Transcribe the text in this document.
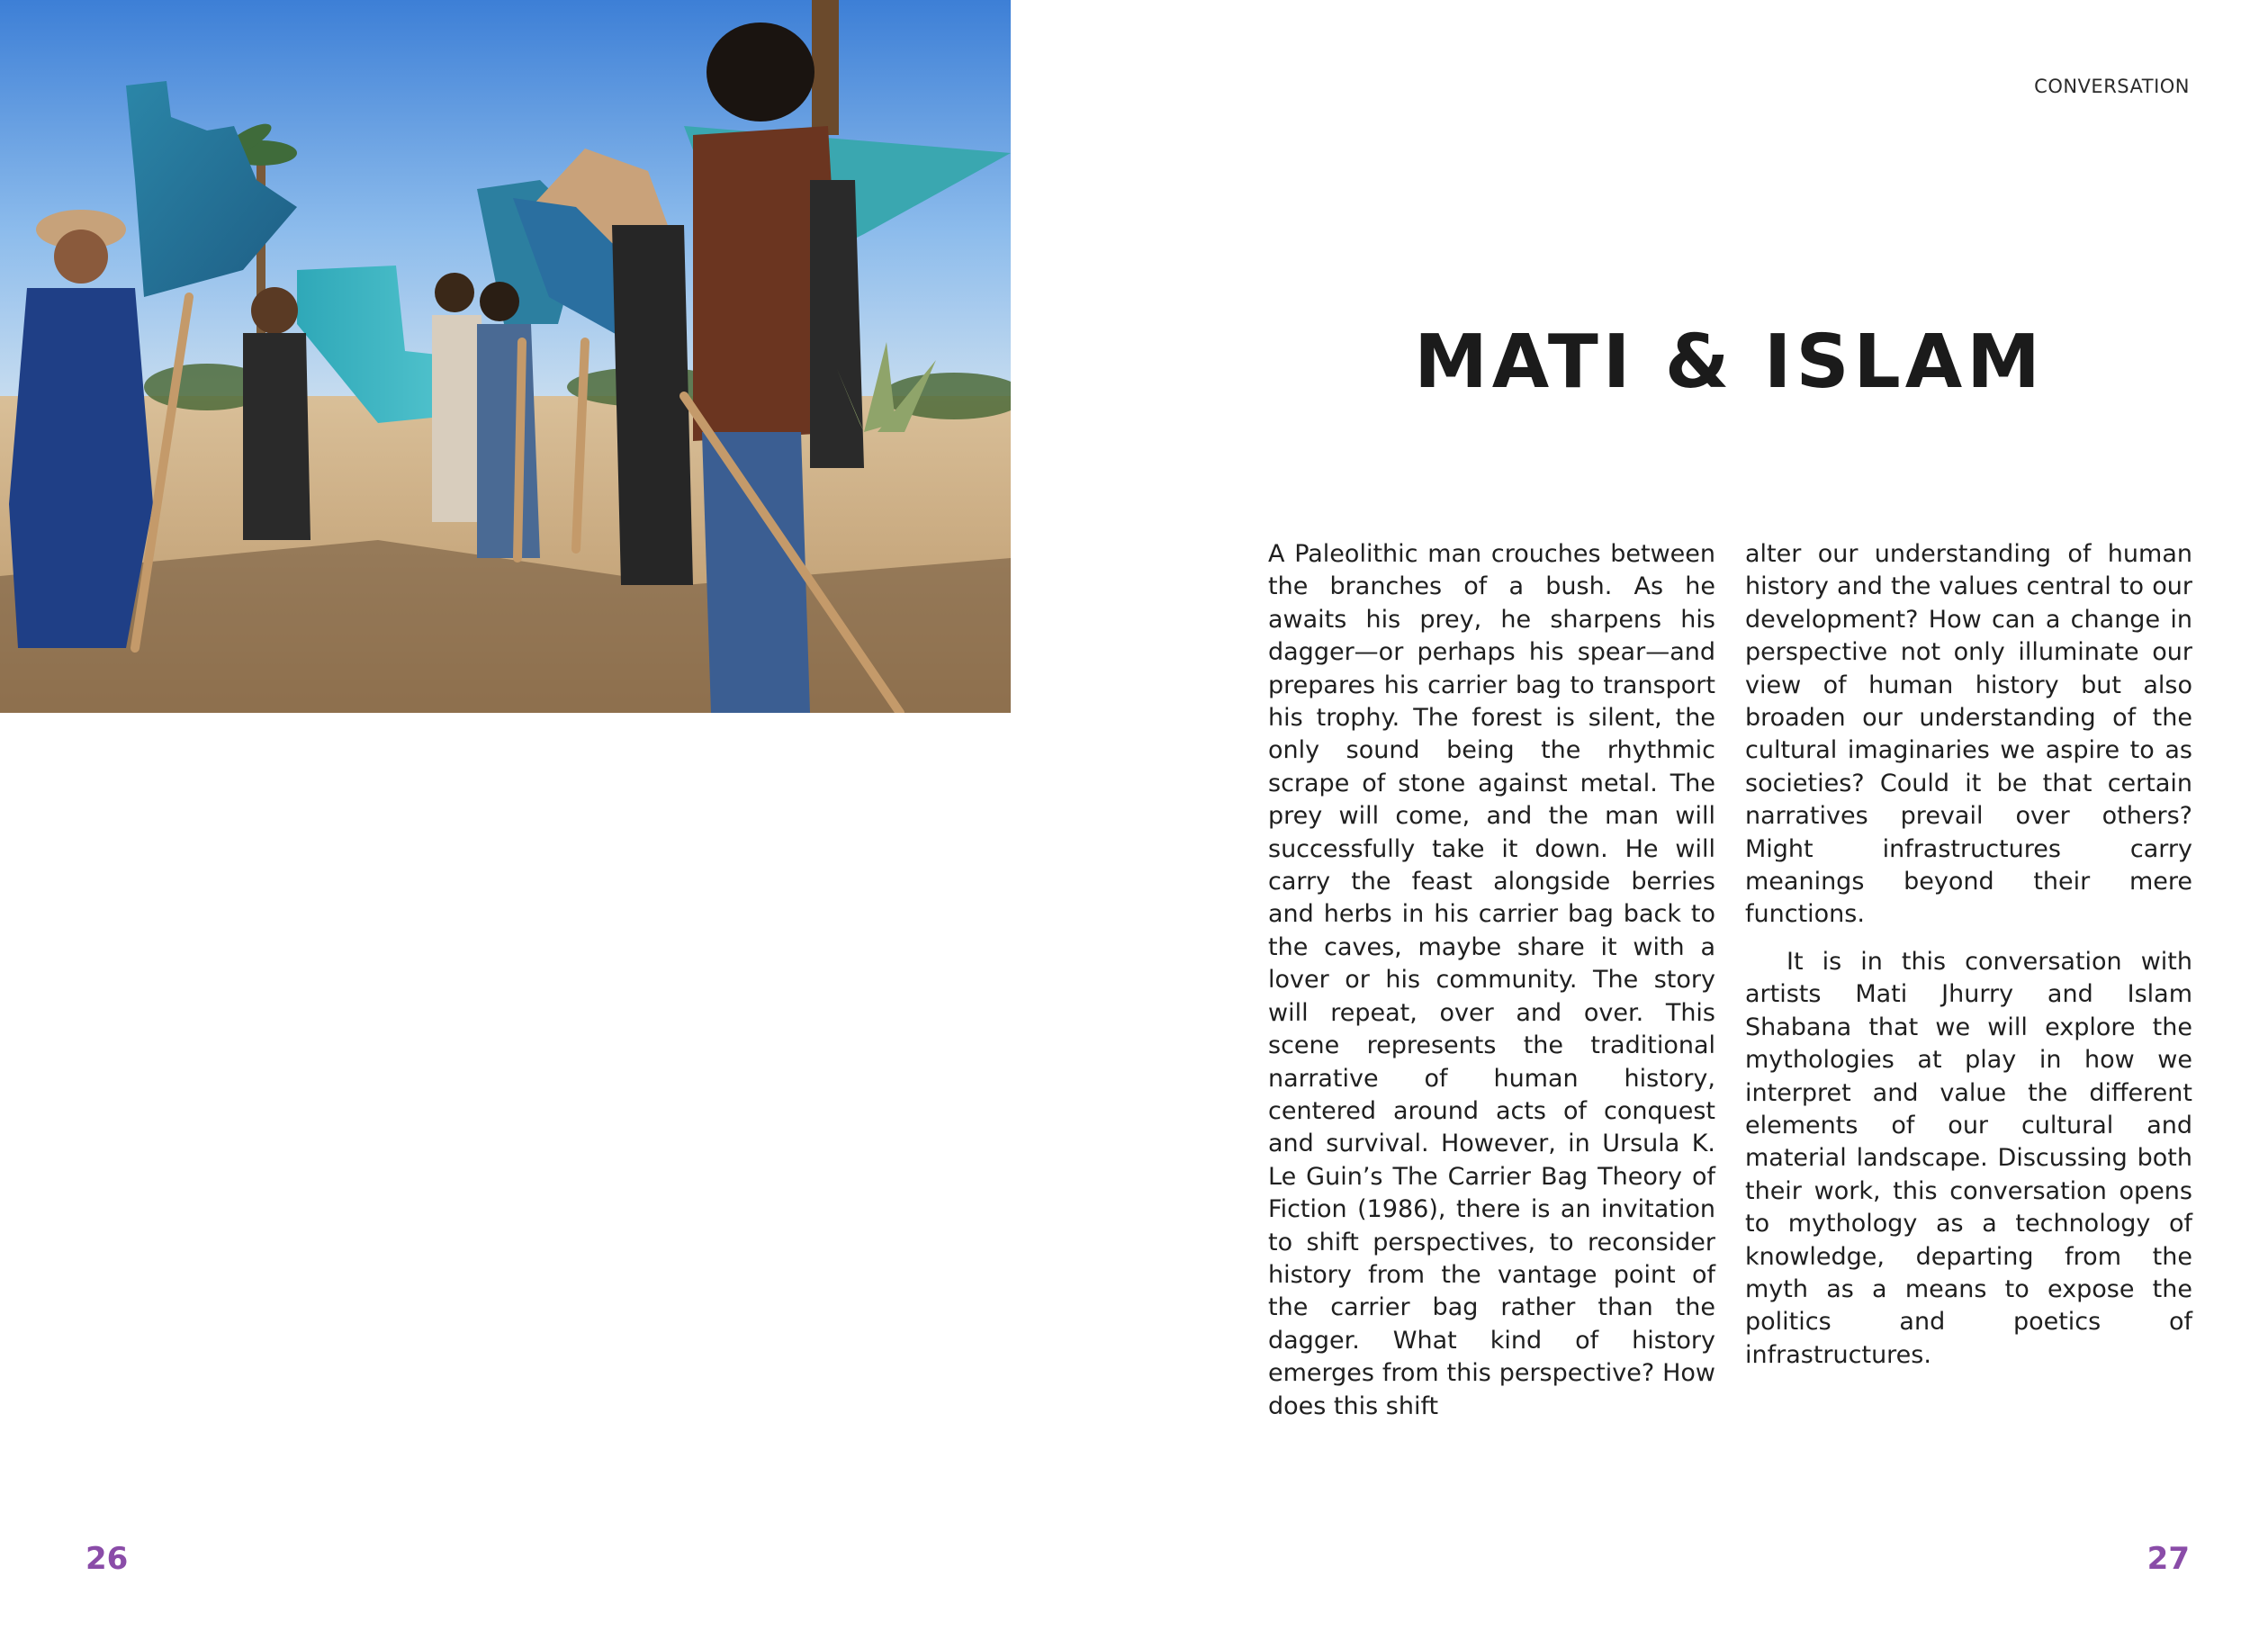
CONVERSATION
MATI & ISLAM

A Paleolithic man crouches between the branches of a bush. As he awaits his prey, he sharpens his dagger—or perhaps his spear—and prepares his carrier bag to transport his trophy. The forest is silent, the only sound being the rhythmic scrape of stone against metal. The prey will come, and the man will successfully take it down. He will carry the feast alongside berries and herbs in his carrier bag back to the caves, maybe share it with a lover or his community. The story will repeat, over and over. This scene represents the traditional narrative of human history, centered around acts of conquest and survival. However, in Ursula K. Le Guin’s The Carrier Bag Theory of Fiction (1986), there is an invitation to shift perspectives, to reconsider history from the vantage point of the carrier bag rather than the dagger. What kind of history emerges from this perspective? How does this shift

alter our understanding of human history and the values central to our development? How can a change in perspective not only illuminate our view of human history but also broaden our understanding of the cultural imaginaries we aspire to as societies? Could it be that certain narratives prevail over others? Might infrastructures carry meanings beyond their mere functions.

It is in this conversation with artists Mati Jhurry and Islam Shabana that we will explore the mythologies at play in how we interpret and value the different elements of our cultural and material landscape. Discussing both their work, this conversation opens to mythology as a technology of knowledge, departing from the myth as a means to expose the politics and poetics of infrastructures.

26	27
